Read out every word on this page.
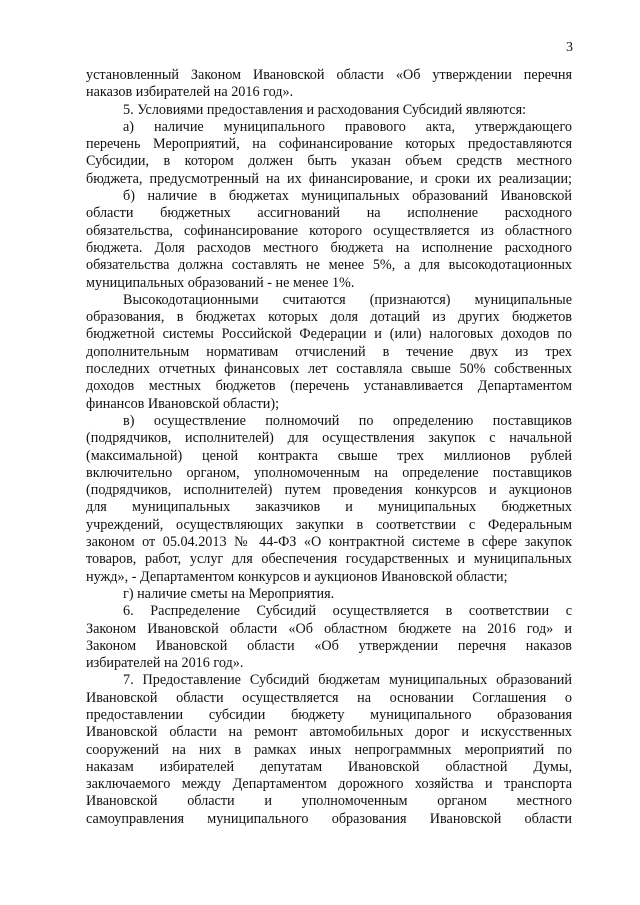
3
установленный Законом Ивановской области «Об утверждении перечня
наказов избирателей на 2016 год».
5. Условиями предоставления и расходования Субсидий являются:
а) наличие муниципального правового акта, утверждающего
перечень Мероприятий, на софинансирование которых предоставляются
Субсидии, в котором должен быть указан объем средств местного
бюджета, предусмотренный на их финансирование, и сроки их реализации;
б) наличие в бюджетах муниципальных образований Ивановской
области бюджетных ассигнований на исполнение расходного
обязательства, софинансирование которого осуществляется из областного
бюджета. Доля расходов местного бюджета на исполнение расходного
обязательства должна составлять не менее 5%, а для высокодотационных
муниципальных образований - не менее 1%.
Высокодотационными считаются (признаются) муниципальные
образования, в бюджетах которых доля дотаций из других бюджетов
бюджетной системы Российской Федерации и (или) налоговых доходов по
дополнительным нормативам отчислений в течение двух из трех
последних отчетных финансовых лет составляла свыше 50% собственных
доходов местных бюджетов (перечень устанавливается Департаментом
финансов Ивановской области);
в) осуществление полномочий по определению поставщиков
(подрядчиков, исполнителей) для осуществления закупок с начальной
(максимальной) ценой контракта свыше трех миллионов рублей
включительно органом, уполномоченным на определение поставщиков
(подрядчиков, исполнителей) путем проведения конкурсов и аукционов
для муниципальных заказчиков и муниципальных бюджетных
учреждений, осуществляющих закупки в соответствии с Федеральным
законом от 05.04.2013 № 44-ФЗ «О контрактной системе в сфере закупок
товаров, работ, услуг для обеспечения государственных и муниципальных
нужд», - Департаментом конкурсов и аукционов Ивановской области;
г) наличие сметы на Мероприятия.
6. Распределение Субсидий осуществляется в соответствии с
Законом Ивановской области «Об областном бюджете на 2016 год» и
Законом Ивановской области «Об утверждении перечня наказов
избирателей на 2016 год».
7. Предоставление Субсидий бюджетам муниципальных образований
Ивановской области осуществляется на основании Соглашения о
предоставлении субсидии бюджету муниципального образования
Ивановской области на ремонт автомобильных дорог и искусственных
сооружений на них в рамках иных непрограммных мероприятий по
наказам избирателей депутатам Ивановской областной Думы,
заключаемого между Департаментом дорожного хозяйства и транспорта
Ивановской области и уполномоченным органом местного
самоуправления муниципального образования Ивановской области
